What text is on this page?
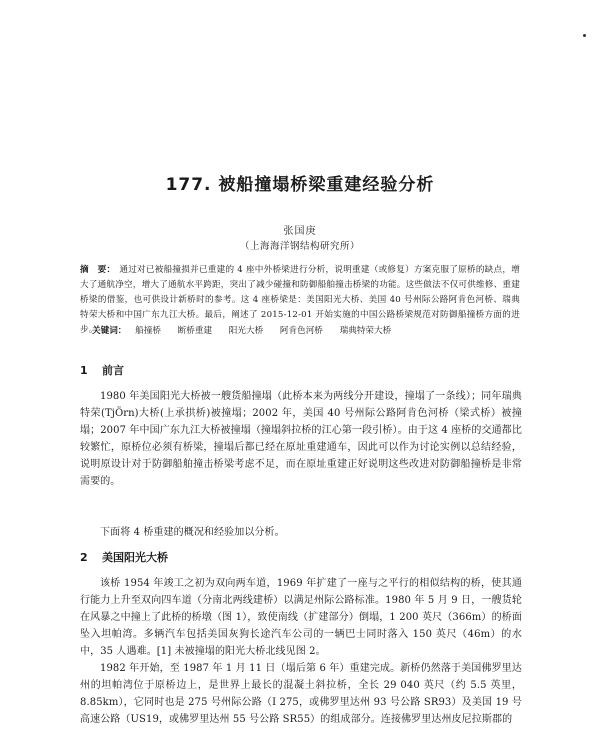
177. 被船撞塌桥梁重建经验分析
张国庚
（上海海洋钢结构研究所）
摘　要： 通过对已被船撞损并已重建的 4 座中外桥梁进行分析，说明重建（或修复）方案克服了原桥的缺点，增大了通航净空，增大了通航水平跨距，突出了减少碰撞和防御船舶撞击桥梁的功能。这些做法不仅可供维修、重建桥梁的借鉴，也可供设计新桥时的参考。这 4 座桥梁是：美国阳光大桥、美国 40 号州际公路阿肯色河桥、瑞典特荣大桥和中国广东九江大桥。最后，阐述了 2015-12-01 开始实施的中国公路桥梁规范对防御船撞桥方面的进步。
关键词： 船撞桥 断桥重建 阳光大桥 阿肯色河桥 瑞典特荣大桥
1 前言
1980 年美国阳光大桥被一艘货船撞塌（此桥本来为两线分开建设，撞塌了一条线）；同年瑞典特荣(TjÖrn)大桥(上承拱桥)被撞塌；2002 年，美国 40 号州际公路阿肯色河桥（梁式桥）被撞塌；2007 年中国广东九江大桥被撞塌（撞塌斜拉桥的江心第一段引桥）。由于这 4 座桥的交通都比较繁忙，原桥位必须有桥梁，撞塌后都已经在原址重建通车，因此可以作为讨论实例以总结经验，说明原设计对于防御船舶撞击桥梁考虑不足，而在原址重建正好说明这些改进对防御船撞桥是非常需要的。
下面将 4 桥重建的概况和经验加以分析。
2 美国阳光大桥
该桥 1954 年竣工之初为双向两车道，1969 年扩建了一座与之平行的相似结构的桥，使其通行能力上升至双向四车道（分南北两线建桥）以满足州际公路标准。1980 年 5 月 9 日，一艘货轮在风暴之中撞上了此桥的桥墩（图 1），致使南线（扩建部分）倒塌，1 200 英尺（366m）的桥面坠入坦帕湾。多辆汽车包括美国灰狗长途汽车公司的一辆巴士同时落入 150 英尺（46m）的水中，35 人遇难。[1] 未被撞塌的阳光大桥北线见图 2。
1982 年开始，至 1987 年 1 月 11 日（塌后第 6 年）重建完成。新桥仍然落于美国佛罗里达州的坦帕湾位于原桥边上，是世界上最长的混凝土斜拉桥，全长 29 040 英尺（约 5.5 英里，8.85km），它同时也是 275 号州际公路（I 275，或佛罗里达州 93 号公路 SR93）及美国 19 号高速公路（US19，或佛罗里达州 55 号公路 SR55）的组成部分。连接佛罗里达州皮尼拉斯郡的
